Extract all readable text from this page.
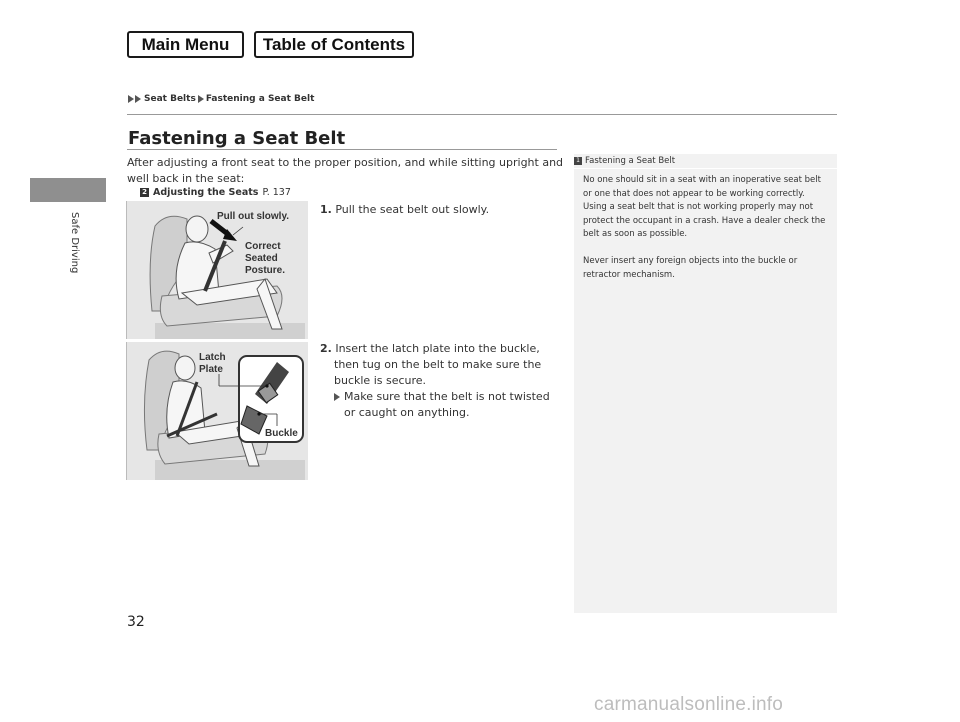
Main Menu	Table of Contents
Seat Belts Fastening a Seat Belt
Safe Driving
Fastening a Seat Belt
After adjusting a front seat to the proper position, and while sitting upright and well back in the seat:
2 Adjusting the Seats P. 137
Pull out slowly.
Correct
Seated
Posture.
Latch
Plate
Buckle
1. Pull the seat belt out slowly.
2. Insert the latch plate into the buckle, then tug on the belt to make sure the buckle is secure.
Make sure that the belt is not twisted or caught on anything.
1 Fastening a Seat Belt

No one should sit in a seat with an inoperative seat belt or one that does not appear to be working correctly. Using a seat belt that is not working properly may not protect the occupant in a crash. Have a dealer check the belt as soon as possible.

Never insert any foreign objects into the buckle or retractor mechanism.

32
carmanualsonline.info
